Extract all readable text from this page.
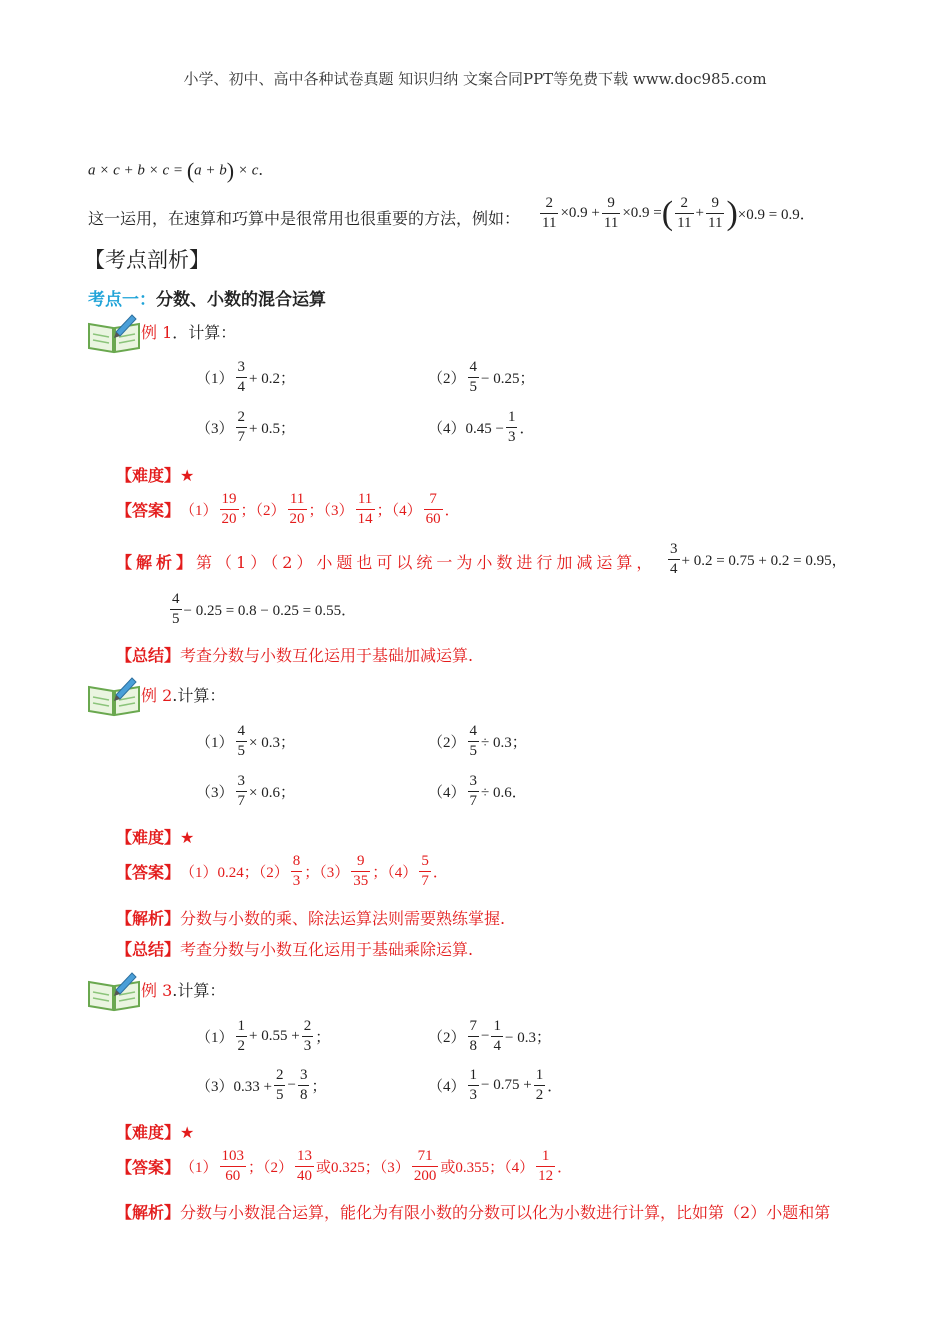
小学、初中、高中各种试卷真题 知识归纳 文案合同PPT等免费下载 www.doc985.com
a × c + b × c = (a + b) × c．
这一运用，在速算和巧算中是很常用也很重要的方法，例如： $\frac{2}{11} \times 0.9 + \frac{9}{11} \times 0.9$ = ( $\frac{2}{11} + \frac{9}{11}$ ) ×0.9 = 0.9．
【考点剖析】
考点一：分数、小数的混合运算
例 1．计算：
$(1) \frac{3}{4} + 0.2$；	$(2) \frac{4}{5} - 0.25$；
$(3) \frac{2}{7} + 0.5$；	$(4)0.45 - \frac{1}{3}$ ．
【难度】★
【答案】 $(1) \frac{19}{20}$ ；$(2) \frac{11}{20}$ ；$(3) \frac{11}{14}$ ；$(4) \frac{7}{60}$ ．
【解析】第（1）（2）小题也可以统一为小数进行加减运算， $\frac{3}{4} + 0.2 = 0.75 + 0.2 = 0.95$，
$\frac{4}{5} - 0.25 = 0.8 - 0.25 = 0.55$．
【总结】考查分数与小数互化运用于基础加减运算.
例 2.计算：
$(1) \frac{4}{5} \times 0.3$；	$(2) \frac{4}{5} \div 0.3$；
$(3) \frac{3}{7} \times 0.6$；	$(4) \frac{3}{7} \div 0.6$．
【难度】★
【答案】 （1）0.24；$(2) \frac{8}{3}$ ；$(3) \frac{9}{35}$ ；$(4) \frac{5}{7}$ ．
【解析】分数与小数的乘、除法运算法则需要熟练掌握.
【总结】考查分数与小数互化运用于基础乘除运算.
例 3.计算：
$(1) \frac{1}{2} + 0.55 + \frac{2}{3}$ ；	$(2) \frac{7}{8} - \frac{1}{4} - 0.3$；
$(3)0.33 + \frac{2}{5} - \frac{3}{8}$ ；	$(4) \frac{1}{3} - 0.75 + \frac{1}{2}$ ．
【难度】★
【答案】 $(1) \frac{103}{60}$ ；$(2) \frac{13}{40}$ 或0.325；$(3) \frac{71}{200}$ 或0.355；$(4) \frac{1}{12}$ ．
【解析】分数与小数混合运算，能化为有限小数的分数可以化为小数进行计算，比如第（2）小题和第
